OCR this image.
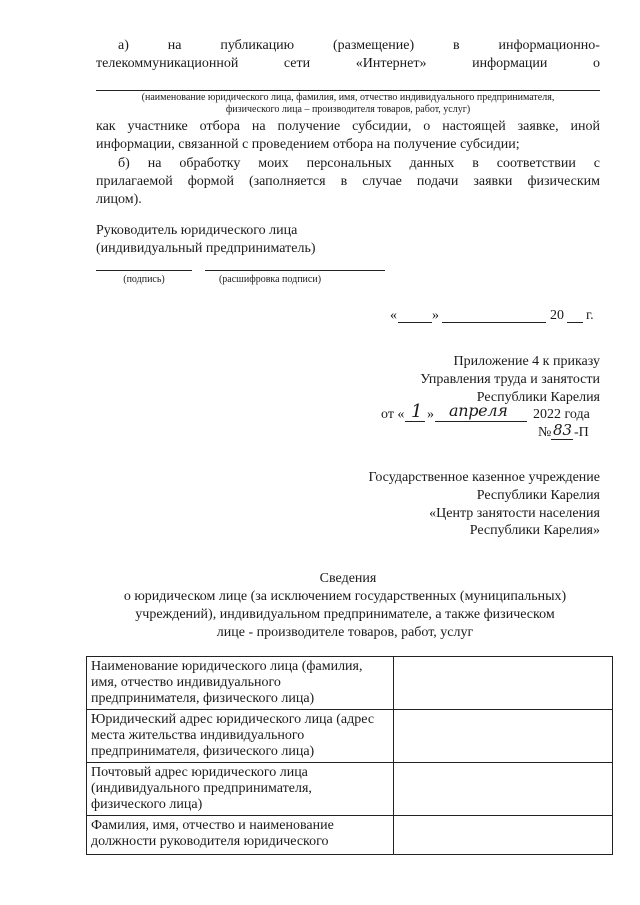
а)	на	публикацию	(размещение)	в	информационно-
телекоммуникационной	сети	«Интернет»	информации	о
(наименование юридического лица, фамилия, имя, отчество индивидуального предпринимателя,
физического лица – производителя товаров, работ, услуг)
как участнике отбора на получение субсидии, о настоящей заявке, иной
информации, связанной с проведением отбора на получение субсидии;
б) на обработку моих персональных данных в соответствии с
прилагаемой формой (заполняется в случае подачи заявки физическим
лицом).
Руководитель юридического лица
(индивидуальный предприниматель)
(подпись)	(расшифровка подписи)
«	»	20 г.
Приложение 4 к приказу
Управления труда и занятости
Республики Карелия
от « 1 » апреля 2022 года
№ 83 -П
Государственное казенное учреждение
Республики Карелия
«Центр занятости населения
Республики Карелия»
Сведения
о юридическом лице (за исключением государственных (муниципальных)
учреждений), индивидуальном предпринимателе, а также физическом
лице - производителе товаров, работ, услуг
Наименование юридического лица (фамилия, имя, отчество индивидуального предпринимателя, физического лица)	
Юридический адрес юридического лица (адрес места жительства индивидуального предпринимателя, физического лица)	
Почтовый адрес юридического лица (индивидуального предпринимателя, физического лица)	
Фамилия, имя, отчество и наименование должности руководителя юридического	
